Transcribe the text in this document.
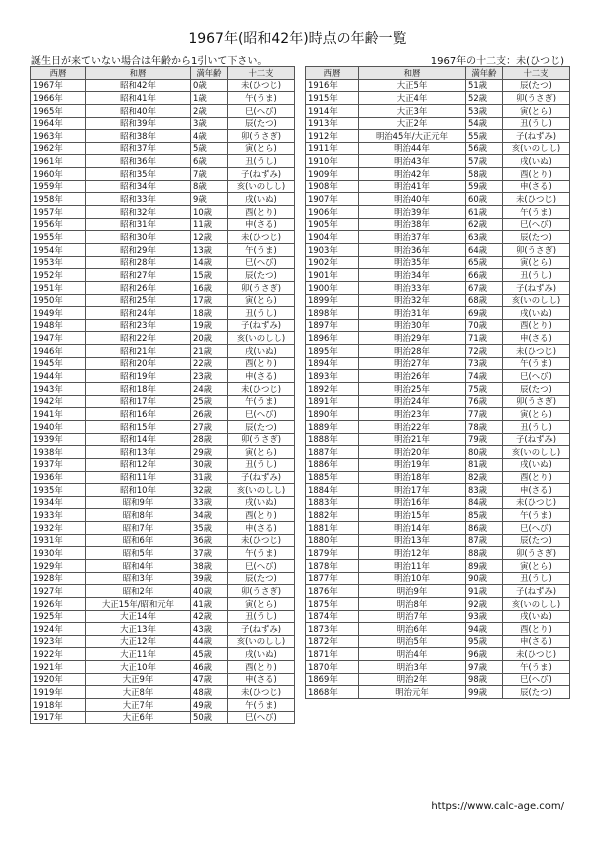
1967年(昭和42年)時点の年齢一覧
誕生日が来ていない場合は年齢から1引いて下さい。	1967年の十二支：未(ひつじ)
西暦	和暦	満年齢	十二支
1967年	昭和42年	0歳	未(ひつじ)
1966年	昭和41年	1歳	午(うま)
1965年	昭和40年	2歳	巳(へび)
1964年	昭和39年	3歳	辰(たつ)
1963年	昭和38年	4歳	卯(うさぎ)
1962年	昭和37年	5歳	寅(とら)
1961年	昭和36年	6歳	丑(うし)
1960年	昭和35年	7歳	子(ねずみ)
1959年	昭和34年	8歳	亥(いのしし)
1958年	昭和33年	9歳	戌(いぬ)
1957年	昭和32年	10歳	酉(とり)
1956年	昭和31年	11歳	申(さる)
1955年	昭和30年	12歳	未(ひつじ)
1954年	昭和29年	13歳	午(うま)
1953年	昭和28年	14歳	巳(へび)
1952年	昭和27年	15歳	辰(たつ)
1951年	昭和26年	16歳	卯(うさぎ)
1950年	昭和25年	17歳	寅(とら)
1949年	昭和24年	18歳	丑(うし)
1948年	昭和23年	19歳	子(ねずみ)
1947年	昭和22年	20歳	亥(いのしし)
1946年	昭和21年	21歳	戌(いぬ)
1945年	昭和20年	22歳	酉(とり)
1944年	昭和19年	23歳	申(さる)
1943年	昭和18年	24歳	未(ひつじ)
1942年	昭和17年	25歳	午(うま)
1941年	昭和16年	26歳	巳(へび)
1940年	昭和15年	27歳	辰(たつ)
1939年	昭和14年	28歳	卯(うさぎ)
1938年	昭和13年	29歳	寅(とら)
1937年	昭和12年	30歳	丑(うし)
1936年	昭和11年	31歳	子(ねずみ)
1935年	昭和10年	32歳	亥(いのしし)
1934年	昭和9年	33歳	戌(いぬ)
1933年	昭和8年	34歳	酉(とり)
1932年	昭和7年	35歳	申(さる)
1931年	昭和6年	36歳	未(ひつじ)
1930年	昭和5年	37歳	午(うま)
1929年	昭和4年	38歳	巳(へび)
1928年	昭和3年	39歳	辰(たつ)
1927年	昭和2年	40歳	卯(うさぎ)
1926年	大正15年/昭和元年	41歳	寅(とら)
1925年	大正14年	42歳	丑(うし)
1924年	大正13年	43歳	子(ねずみ)
1923年	大正12年	44歳	亥(いのしし)
1922年	大正11年	45歳	戌(いぬ)
1921年	大正10年	46歳	酉(とり)
1920年	大正9年	47歳	申(さる)
1919年	大正8年	48歳	未(ひつじ)
1918年	大正7年	49歳	午(うま)
1917年	大正6年	50歳	巳(へび)
西暦	和暦	満年齢	十二支
1916年	大正5年	51歳	辰(たつ)
1915年	大正4年	52歳	卯(うさぎ)
1914年	大正3年	53歳	寅(とら)
1913年	大正2年	54歳	丑(うし)
1912年	明治45年/大正元年	55歳	子(ねずみ)
1911年	明治44年	56歳	亥(いのしし)
1910年	明治43年	57歳	戌(いぬ)
1909年	明治42年	58歳	酉(とり)
1908年	明治41年	59歳	申(さる)
1907年	明治40年	60歳	未(ひつじ)
1906年	明治39年	61歳	午(うま)
1905年	明治38年	62歳	巳(へび)
1904年	明治37年	63歳	辰(たつ)
1903年	明治36年	64歳	卯(うさぎ)
1902年	明治35年	65歳	寅(とら)
1901年	明治34年	66歳	丑(うし)
1900年	明治33年	67歳	子(ねずみ)
1899年	明治32年	68歳	亥(いのしし)
1898年	明治31年	69歳	戌(いぬ)
1897年	明治30年	70歳	酉(とり)
1896年	明治29年	71歳	申(さる)
1895年	明治28年	72歳	未(ひつじ)
1894年	明治27年	73歳	午(うま)
1893年	明治26年	74歳	巳(へび)
1892年	明治25年	75歳	辰(たつ)
1891年	明治24年	76歳	卯(うさぎ)
1890年	明治23年	77歳	寅(とら)
1889年	明治22年	78歳	丑(うし)
1888年	明治21年	79歳	子(ねずみ)
1887年	明治20年	80歳	亥(いのしし)
1886年	明治19年	81歳	戌(いぬ)
1885年	明治18年	82歳	酉(とり)
1884年	明治17年	83歳	申(さる)
1883年	明治16年	84歳	未(ひつじ)
1882年	明治15年	85歳	午(うま)
1881年	明治14年	86歳	巳(へび)
1880年	明治13年	87歳	辰(たつ)
1879年	明治12年	88歳	卯(うさぎ)
1878年	明治11年	89歳	寅(とら)
1877年	明治10年	90歳	丑(うし)
1876年	明治9年	91歳	子(ねずみ)
1875年	明治8年	92歳	亥(いのしし)
1874年	明治7年	93歳	戌(いぬ)
1873年	明治6年	94歳	酉(とり)
1872年	明治5年	95歳	申(さる)
1871年	明治4年	96歳	未(ひつじ)
1870年	明治3年	97歳	午(うま)
1869年	明治2年	98歳	巳(へび)
1868年	明治元年	99歳	辰(たつ)
https://www.calc-age.com/
